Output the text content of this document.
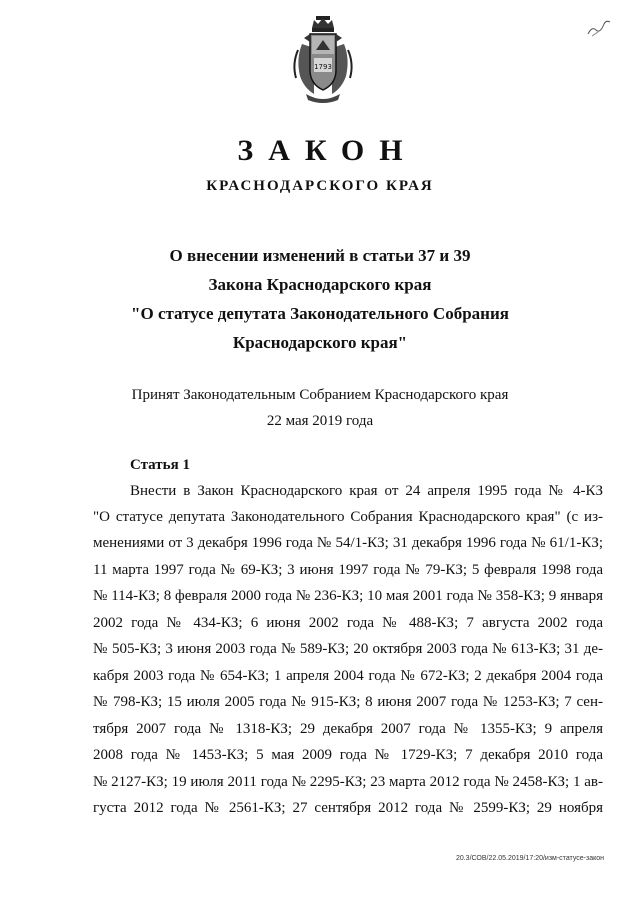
1793
ЗАКОН
КРАСНОДАРСКОГО КРАЯ
О внесении изменений в статьи 37 и 39
Закона Краснодарского края
"О статусе депутата Законодательного Собрания
Краснодарского края"
Принят Законодательным Собранием Краснодарского края
22 мая 2019 года
Статья 1
Внести в Закон Краснодарского края от 24 апреля 1995 года № 4-КЗ
"О статусе депутата Законодательного Собрания Краснодарского края" (с из-
менениями от 3 декабря 1996 года № 54/1-КЗ; 31 декабря 1996 года № 61/1-КЗ;
11 марта 1997 года № 69-КЗ; 3 июня 1997 года № 79-КЗ; 5 февраля 1998 года
№ 114-КЗ; 8 февраля 2000 года № 236-КЗ; 10 мая 2001 года № 358-КЗ; 9 января
2002 года № 434-КЗ; 6 июня 2002 года № 488-КЗ; 7 августа 2002 года
№ 505-КЗ; 3 июня 2003 года № 589-КЗ; 20 октября 2003 года № 613-КЗ; 31 де-
кабря 2003 года № 654-КЗ; 1 апреля 2004 года № 672-КЗ; 2 декабря 2004 года
№ 798-КЗ; 15 июля 2005 года № 915-КЗ; 8 июня 2007 года № 1253-КЗ; 7 сен-
тября 2007 года № 1318-КЗ; 29 декабря 2007 года № 1355-КЗ; 9 апреля
2008 года № 1453-КЗ; 5 мая 2009 года № 1729-КЗ; 7 декабря 2010 года
№ 2127-КЗ; 19 июля 2011 года № 2295-КЗ; 23 марта 2012 года № 2458-КЗ; 1 ав-
густа 2012 года № 2561-КЗ; 27 сентября 2012 года № 2599-КЗ; 29 ноября
20.3/СОВ/22.05.2019/17:20/изм-статусе-закон
